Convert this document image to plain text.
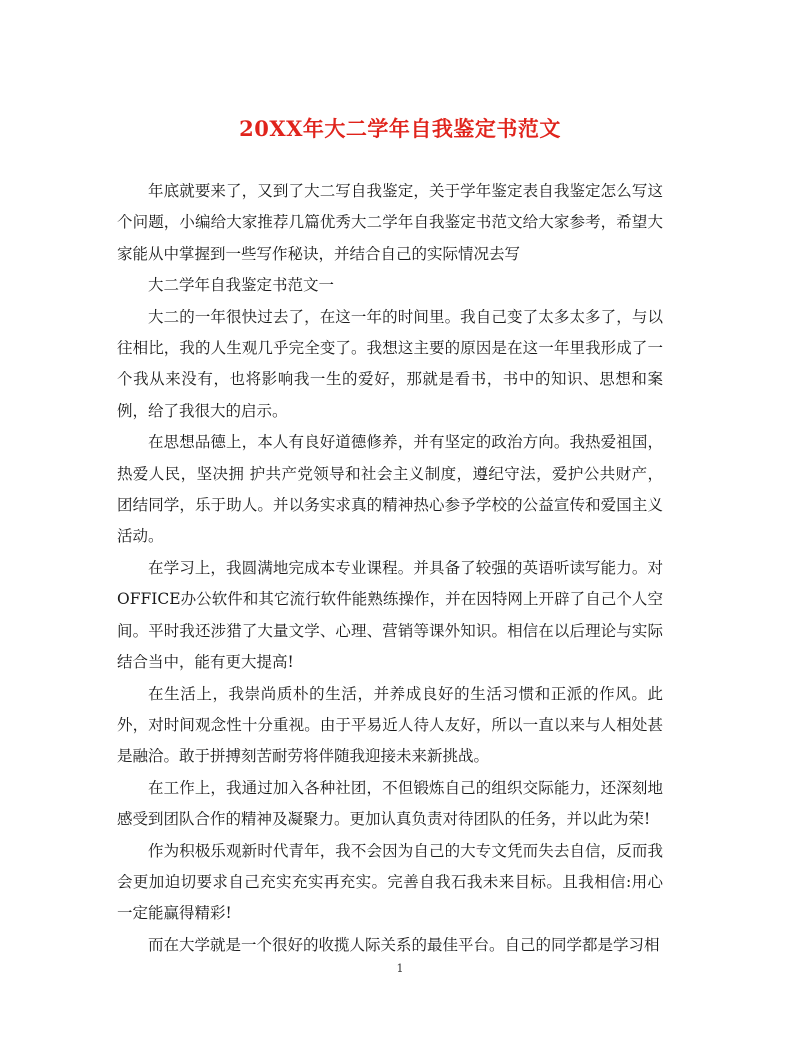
20XX年大二学年自我鉴定书范文

年底就要来了，又到了大二写自我鉴定，关于学年鉴定表自我鉴定怎么写这个问题，小编给大家推荐几篇优秀大二学年自我鉴定书范文给大家参考，希望大家能从中掌握到一些写作秘诀，并结合自己的实际情况去写

大二学年自我鉴定书范文一

大二的一年很快过去了，在这一年的时间里。我自己变了太多太多了，与以往相比，我的人生观几乎完全变了。我想这主要的原因是在这一年里我形成了一个我从来没有，也将影响我一生的爱好，那就是看书，书中的知识、思想和案例，给了我很大的启示。

在思想品德上，本人有良好道德修养，并有坚定的政治方向。我热爱祖国，热爱人民，坚决拥 护共产党领导和社会主义制度，遵纪守法，爱护公共财产，团结同学，乐于助人。并以务实求真的精神热心参予学校的公益宣传和爱国主义活动。

在学习上，我圆满地完成本专业课程。并具备了较强的英语听读写能力。对OFFICE办公软件和其它流行软件能熟练操作，并在因特网上开辟了自己个人空间。平时我还涉猎了大量文学、心理、营销等课外知识。相信在以后理论与实际结合当中，能有更大提高!

在生活上，我崇尚质朴的生活，并养成良好的生活习惯和正派的作风。此外，对时间观念性十分重视。由于平易近人待人友好，所以一直以来与人相处甚是融洽。敢于拼搏刻苦耐劳将伴随我迎接未来新挑战。

在工作上，我通过加入各种社团，不但锻炼自己的组织交际能力，还深刻地感受到团队合作的精神及凝聚力。更加认真负责对待团队的任务，并以此为荣!

作为积极乐观新时代青年，我不会因为自己的大专文凭而失去自信，反而我会更加迫切要求自己充实充实再充实。完善自我石我未来目标。且我相信:用心一定能赢得精彩!

而在大学就是一个很好的收揽人际关系的最佳平台。自己的同学都是学习相

1
